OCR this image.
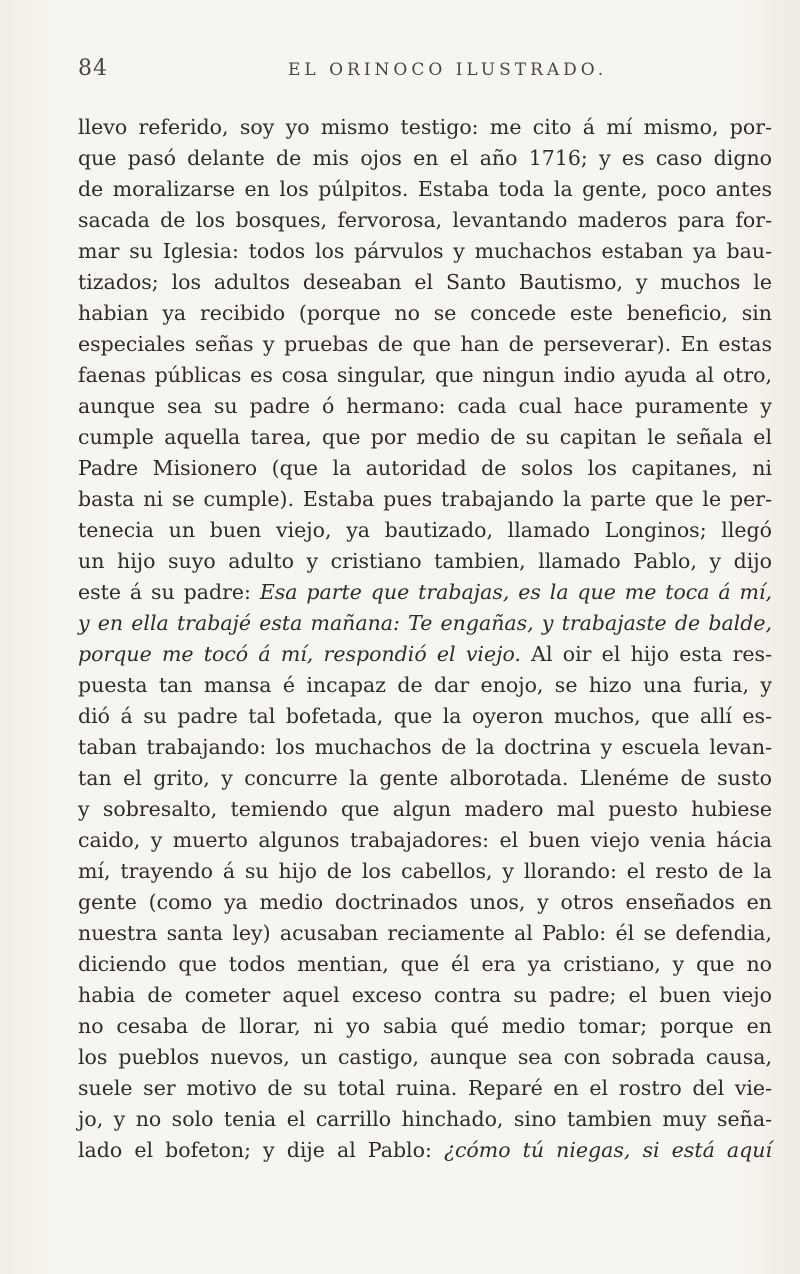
84	EL ORINOCO ILUSTRADO.
llevo referido, soy yo mismo testigo: me cito á mí mismo, por-
que pasó delante de mis ojos en el año 1716; y es caso digno
de moralizarse en los púlpitos. Estaba toda la gente, poco antes
sacada de los bosques, fervorosa, levantando maderos para for-
mar su Iglesia: todos los párvulos y muchachos estaban ya bau-
tizados; los adultos deseaban el Santo Bautismo, y muchos le
habian ya recibido (porque no se concede este beneficio, sin
especiales señas y pruebas de que han de perseverar). En estas
faenas públicas es cosa singular, que ningun indio ayuda al otro,
aunque sea su padre ó hermano: cada cual hace puramente y
cumple aquella tarea, que por medio de su capitan le señala el
Padre Misionero (que la autoridad de solos los capitanes, ni
basta ni se cumple). Estaba pues trabajando la parte que le per-
tenecia un buen viejo, ya bautizado, llamado Longinos; llegó
un hijo suyo adulto y cristiano tambien, llamado Pablo, y dijo
este á su padre: Esa parte que trabajas, es la que me toca á mí,
y en ella trabajé esta mañana: Te engañas, y trabajaste de balde,
porque me tocó á mí, respondió el viejo. Al oir el hijo esta res-
puesta tan mansa é incapaz de dar enojo, se hizo una furia, y
dió á su padre tal bofetada, que la oyeron muchos, que allí es-
taban trabajando: los muchachos de la doctrina y escuela levan-
tan el grito, y concurre la gente alborotada. Llenéme de susto
y sobresalto, temiendo que algun madero mal puesto hubiese
caido, y muerto algunos trabajadores: el buen viejo venia hácia
mí, trayendo á su hijo de los cabellos, y llorando: el resto de la
gente (como ya medio doctrinados unos, y otros enseñados en
nuestra santa ley) acusaban reciamente al Pablo: él se defendia,
diciendo que todos mentian, que él era ya cristiano, y que no
habia de cometer aquel exceso contra su padre; el buen viejo
no cesaba de llorar, ni yo sabia qué medio tomar; porque en
los pueblos nuevos, un castigo, aunque sea con sobrada causa,
suele ser motivo de su total ruina. Reparé en el rostro del vie-
jo, y no solo tenia el carrillo hinchado, sino tambien muy seña-
lado el bofeton; y dije al Pablo: ¿cómo tú niegas, si está aquí
